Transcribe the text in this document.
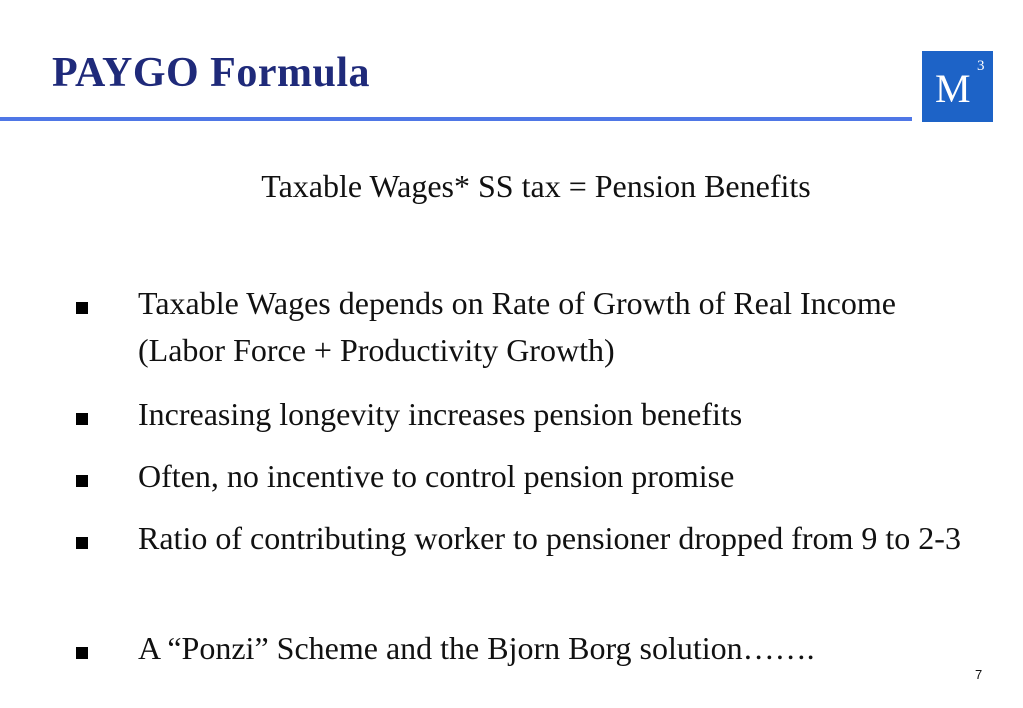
PAYGO Formula	M 3
Taxable Wages* SS tax = Pension Benefits
Taxable Wages depends on Rate of Growth of Real Income (Labor Force + Productivity Growth)
Increasing longevity increases pension benefits
Often, no incentive to control pension promise
Ratio of contributing worker to pensioner dropped from 9 to 2-3
A “Ponzi” Scheme and the Bjorn Borg solution…….
7
